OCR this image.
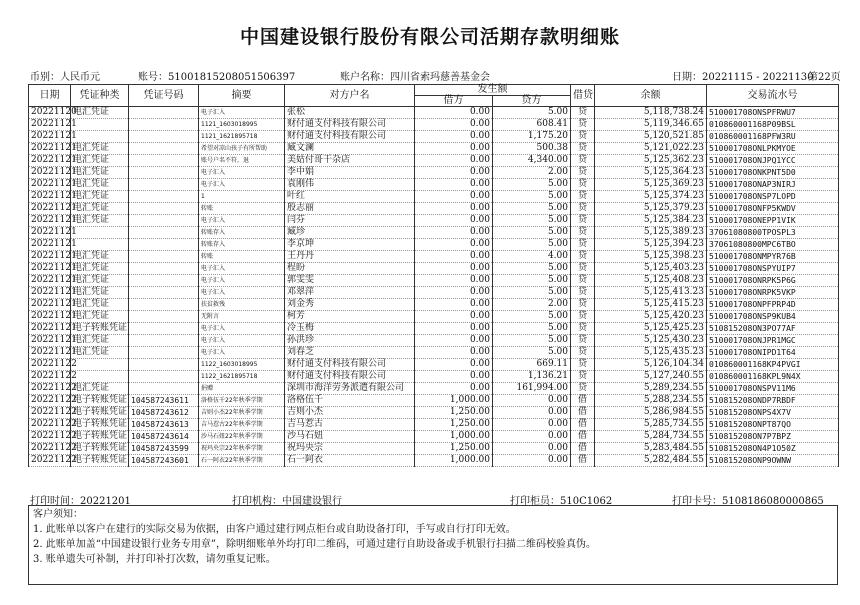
中国建设银行股份有限公司活期存款明细账
币别：人民币元	账号：51001815208051506397	账户名称：四川省索玛慈善基金会	日期：20221115 - 20221130
第22页
日期	凭证种类	凭证号码	摘要	对方户名	发生额		借贷	余额	交易流水号
					借方	贷方			
20221120	电汇凭证		电子汇入	张松	0.00	5.00	贷	5,118,738.24	510001708ONSPFRWU7
20221121			1121_1603018995	财付通支付科技有限公司	0.00	608.41	贷	5,119,346.65	010860001168P09BSL
20221121			1121_1621895718	财付通支付科技有限公司	0.00	1,175.20	贷	5,120,521.85	010860001168PFW3RU
20221121	电汇凭证		希望对凉山孩子有所帮助	臧文澜	0.00	500.38	贷	5,121,022.23	510001708ONLPKMYOE
20221121	电汇凭证		账号户名不符，退	美姑付哥干杂店	0.00	4,340.00	贷	5,125,362.23	510001708ONJPQ1YCC
20221121	电汇凭证		电子汇入	李中娟	0.00	2.00	贷	5,125,364.23	510001708ONKPNT5D0
20221121	电汇凭证		电子汇入	袁刚伟	0.00	5.00	贷	5,125,369.23	510001708ONAP3NIRJ
20221121	电汇凭证		1	叶红	0.00	5.00	贷	5,125,374.23	510001708ONSP7LOPD
20221121	电汇凭证		转账	殷志丽	0.00	5.00	贷	5,125,379.23	510001708ONFP5KWDV
20221121	电汇凭证		电子汇入	闫芬	0.00	5.00	贷	5,125,384.23	510001708ONEPP1VIK
20221121			转账存入	臧珍	0.00	5.00	贷	5,125,389.23	37061080800TPOSPL3
20221121			转账存入	李京坤	0.00	5.00	贷	5,125,394.23	37061080800MPC6TBO
20221121	电汇凭证		转账	王丹丹	0.00	4.00	贷	5,125,398.23	510001708ONMPYR76B
20221121	电汇凭证		电子汇入	程盼	0.00	5.00	贷	5,125,403.23	510001708ONSPYUIP7
20221121	电汇凭证		电子汇入	郭雯雯	0.00	5.00	贷	5,125,408.23	510001708ONRPK5P6G
20221121	电汇凭证		电子汇入	邓翠萍	0.00	5.00	贷	5,125,413.23	510001708ONRPK5VKP
20221121	电汇凭证		扶贫救残	刘金秀	0.00	2.00	贷	5,125,415.23	510001708ONPFPRP4D
20221121	电汇凭证		无附言	柯芳	0.00	5.00	贷	5,125,420.23	510001708ONSP9KUB4
20221121	电子转账凭证		电子汇入	冷玉梅	0.00	5.00	贷	5,125,425.23	510815208ON3PO77AF
20221121	电汇凭证		电子汇入	孙洪珍	0.00	5.00	贷	5,125,430.23	510001708ONJPR1MGC
20221121	电汇凭证		电子汇入	刘春芝	0.00	5.00	贷	5,125,435.23	510001708ONIPD1T64
20221122			1122_1603018995	财付通支付科技有限公司	0.00	669.11	贷	5,126,104.34	010860001168KP4PVGI
20221122			1122_1621895718	财付通支付科技有限公司	0.00	1,136.21	贷	5,127,240.55	010860001168KPL9N4X
20221122	电汇凭证		捐赠	深圳市海洋劳务派遣有限公司	0.00	161,994.00	贷	5,289,234.55	510001708ONSPV11M6
20221122	电子转账凭证	104587243611	洛格伍千22年秋季学期	洛格伍千	1,000.00	0.00	借	5,288,234.55	510815208ONDP7RBDF
20221122	电子转账凭证	104587243612	吉则小杰22年秋季学期	吉则小杰	1,250.00	0.00	借	5,286,984.55	510815208ONPS4X7V
20221122	电子转账凭证	104587243613	吉马惹古22年秋季学期	吉马惹古	1,250.00	0.00	借	5,285,734.55	510815208ONPT87QO
20221122	电子转账凭证	104587243614	沙马石妞22年秋季学期	沙马石妞	1,000.00	0.00	借	5,284,734.55	510815208ON7P7BPZ
20221122	电子转账凭证	104587243599	祝玛央宗22年秋季学期	祝玛央宗	1,250.00	0.00	借	5,283,484.55	510815208ON4P1O50Z
20221122	电子转账凭证	104587243601	石一阿衣22年秋季学期	石一阿衣	1,000.00	0.00	借	5,282,484.55	510815208ONP9OWNW
打印时间：20221201	打印机构：中国建设银行	打印柜员：510C1062	打印卡号：5108186080000865
客户须知：
1. 此账单以客户在建行的实际交易为依据，由客户通过建行网点柜台或自助设备打印，手写或自行打印无效。
2. 此账单加盖“中国建设银行业务专用章”，除明细账单外均打印二维码，可通过建行自助设备或手机银行扫描二维码校验真伪。
3. 账单遗失可补制，并打印补打次数，请勿重复记账。
